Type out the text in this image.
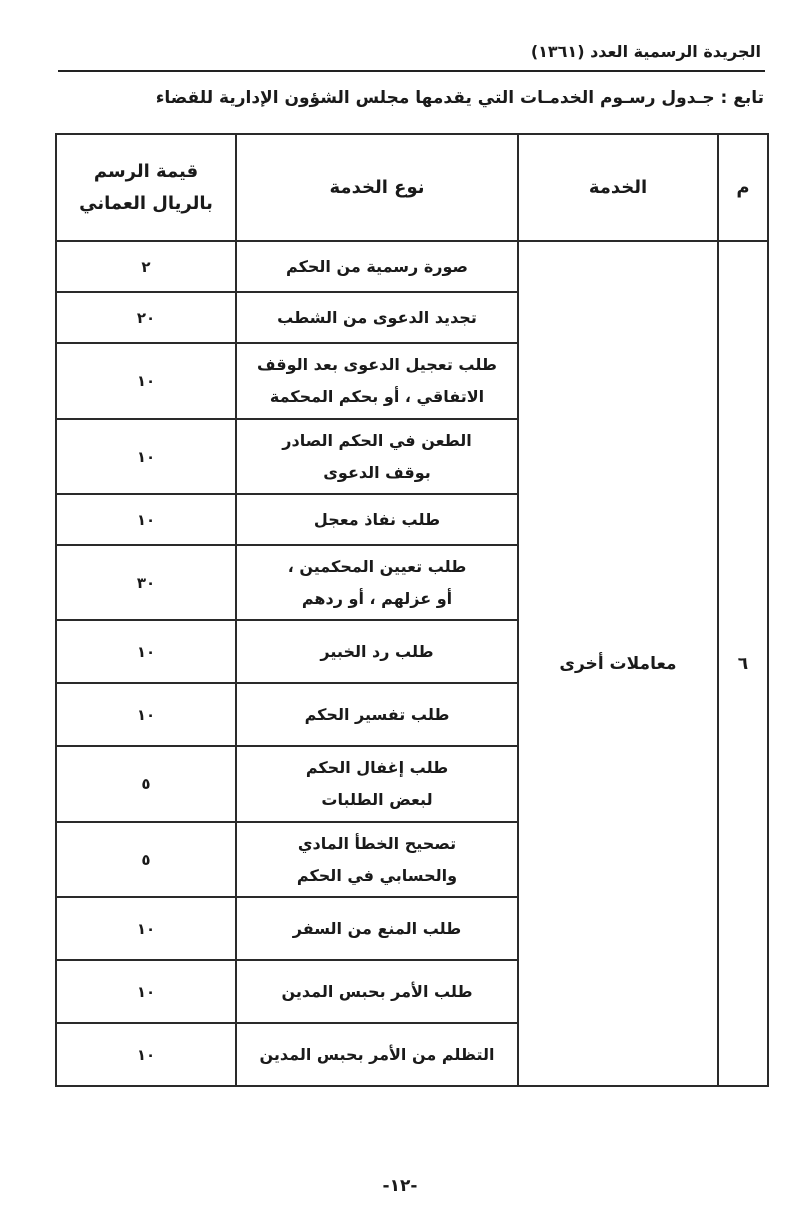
الجريدة الرسمية العدد (١٣٦١)
تابع : جـدول رسـوم الخدمـات التي يقدمها مجلس الشؤون الإدارية للقضاء
م	الخدمة	نوع الخدمة	قيمة الرسم
بالريال العماني

٦	معاملات أخرى	صورة رسمية من الحكم	٢

		تجديد الدعوى من الشطب	٢٠

		طلب تعجيل الدعوى بعد الوقف
الاتفاقي ، أو بحكم المحكمة	١٠

		الطعن في الحكم الصادر
بوقف الدعوى	١٠

		طلب نفاذ معجل	١٠

		طلب تعيين المحكمين ،
أو عزلهم ، أو ردهم	٣٠

		طلب رد الخبير	١٠

		طلب تفسير الحكم	١٠

		طلب إغفال الحكم
لبعض الطلبات	٥

		تصحيح الخطأ المادي
والحسابي في الحكم	٥

		طلب المنع من السفر	١٠

		طلب الأمر بحبس المدين	١٠

		التظلم من الأمر بحبس المدين	١٠
-١٢-
